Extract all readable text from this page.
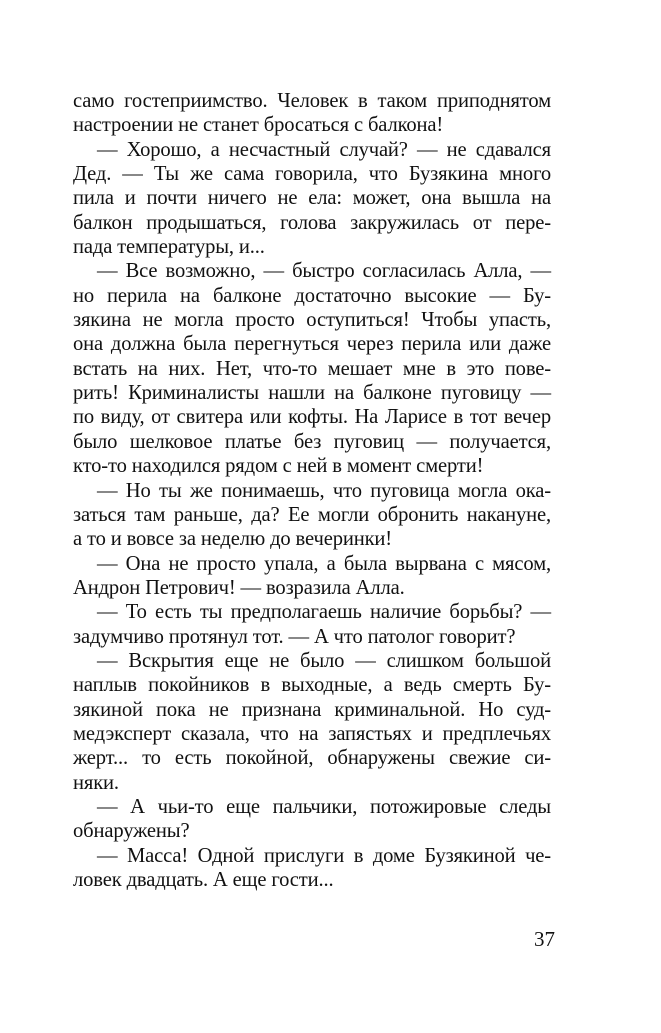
само гостеприимство. Человек в таком приподнятом
настроении не станет бросаться с балкона!
— Хорошо, а несчастный случай? — не сдавался
Дед. — Ты же сама говорила, что Бузякина много
пила и почти ничего не ела: может, она вышла на
балкон продышаться, голова закружилась от пере-
пада температуры, и...
— Все возможно, — быстро согласилась Алла, —
но перила на балконе достаточно высокие — Бу-
зякина не могла просто оступиться! Чтобы упасть,
она должна была перегнуться через перила или даже
встать на них. Нет, что-то мешает мне в это пове-
рить! Криминалисты нашли на балконе пуговицу —
по виду, от свитера или кофты. На Ларисе в тот вечер
было шелковое платье без пуговиц — получается,
кто-то находился рядом с ней в момент смерти!
— Но ты же понимаешь, что пуговица могла ока-
заться там раньше, да? Ее могли обронить накануне,
а то и вовсе за неделю до вечеринки!
— Она не просто упала, а была вырвана с мясом,
Андрон Петрович! — возразила Алла.
— То есть ты предполагаешь наличие борьбы? —
задумчиво протянул тот. — А что патолог говорит?
— Вскрытия еще не было — слишком большой
наплыв покойников в выходные, а ведь смерть Бу-
зякиной пока не признана криминальной. Но суд-
медэксперт сказала, что на запястьях и предплечьях
жерт... то есть покойной, обнаружены свежие си-
няки.
— А чьи-то еще пальчики, потожировые следы
обнаружены?
— Масса! Одной прислуги в доме Бузякиной че-
ловек двадцать. А еще гости...
37
